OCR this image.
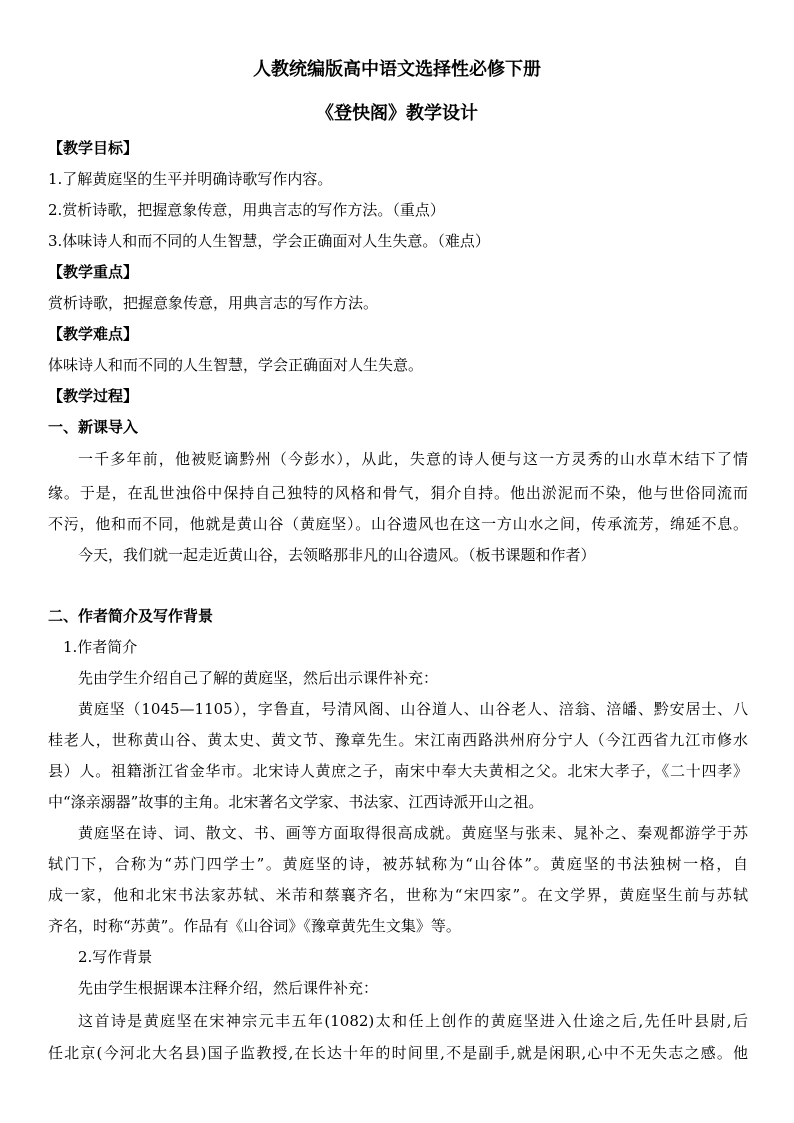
人教统编版高中语文选择性必修下册
《登快阁》教学设计
【教学目标】
1.了解黄庭坚的生平并明确诗歌写作内容。
2.赏析诗歌，把握意象传意，用典言志的写作方法。（重点）
3.体味诗人和而不同的人生智慧，学会正确面对人生失意。（难点）
【教学重点】
赏析诗歌，把握意象传意，用典言志的写作方法。
【教学难点】
体味诗人和而不同的人生智慧，学会正确面对人生失意。
【教学过程】
一、新课导入
一千多年前，他被贬谪黔州（今彭水），从此，失意的诗人便与这一方灵秀的山水草木结下了情
缘。于是，在乱世浊俗中保持自己独特的风格和骨气，狷介自持。他出淤泥而不染，他与世俗同流而
不污，他和而不同，他就是黄山谷（黄庭坚）。山谷遗风也在这一方山水之间，传承流芳，绵延不息。
今天，我们就一起走近黄山谷，去领略那非凡的山谷遗风。（板书课题和作者）
二、作者简介及写作背景
1.作者简介
先由学生介绍自己了解的黄庭坚，然后出示课件补充：
黄庭坚（1045—1105），字鲁直，号清风阁、山谷道人、山谷老人、涪翁、涪皤、黔安居士、八
桂老人，世称黄山谷、黄太史、黄文节、豫章先生。宋江南西路洪州府分宁人（今江西省九江市修水
县）人。祖籍浙江省金华市。北宋诗人黄庶之子，南宋中奉大夫黄相之父。北宋大孝子，《二十四孝》
中“涤亲溺器”故事的主角。北宋著名文学家、书法家、江西诗派开山之祖。
黄庭坚在诗、词、散文、书、画等方面取得很高成就。黄庭坚与张耒、晁补之、秦观都游学于苏
轼门下，合称为“苏门四学士”。黄庭坚的诗，被苏轼称为“山谷体”。黄庭坚的书法独树一格，自
成一家，他和北宋书法家苏轼、米芾和蔡襄齐名，世称为“宋四家”。在文学界，黄庭坚生前与苏轼
齐名，时称“苏黄”。作品有《山谷词》《豫章黄先生文集》等。
2.写作背景
先由学生根据课本注释介绍，然后课件补充：
这首诗是黄庭坚在宋神宗元丰五年(1082)太和任上创作的黄庭坚进入仕途之后,先任叶县尉,后
任北京(今河北大名县)国子监教授,在长达十年的时间里,不是副手,就是闲职,心中不无失志之感。他
